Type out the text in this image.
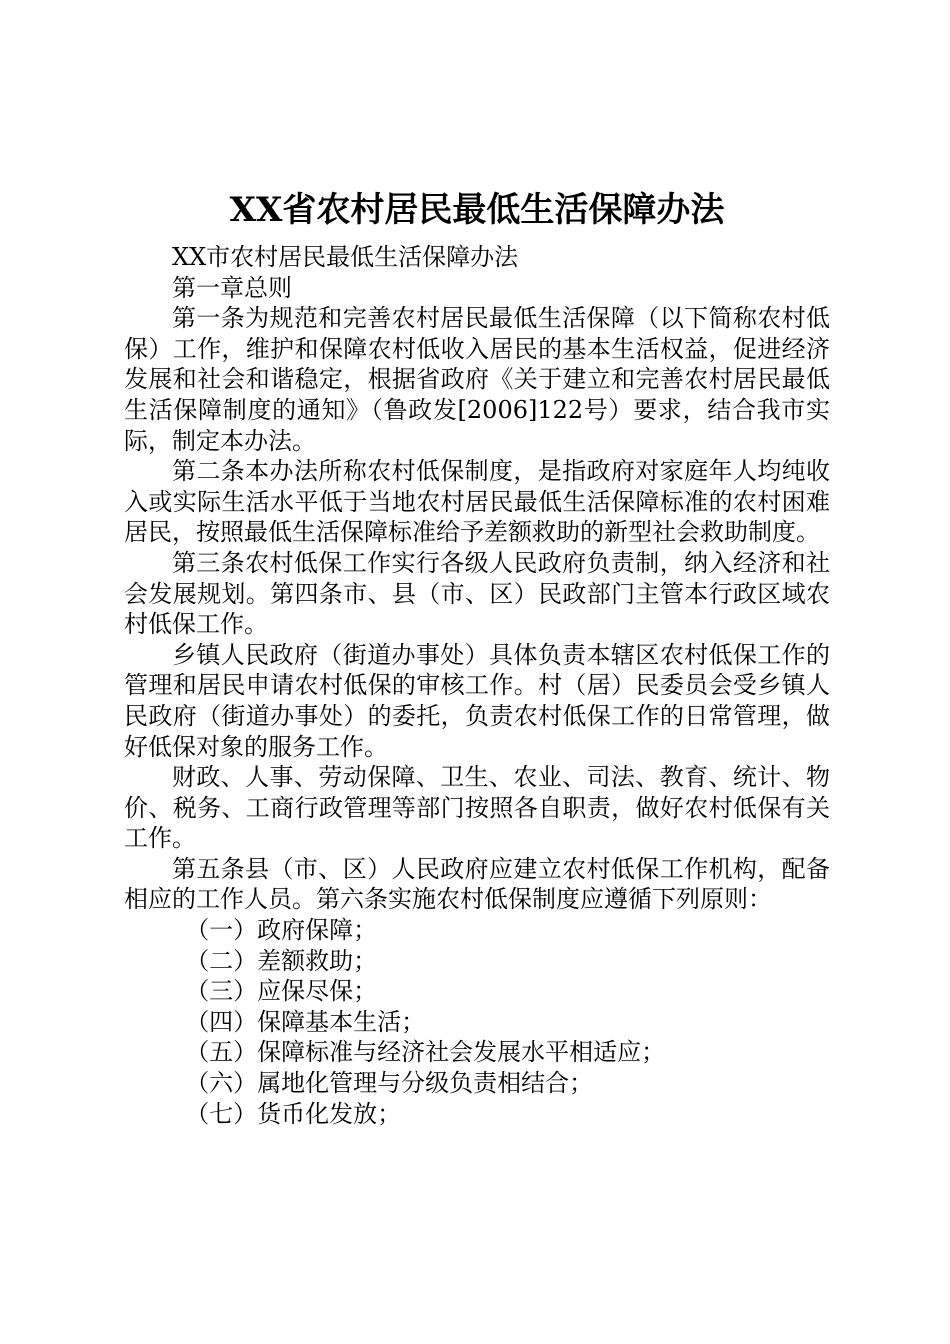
XX省农村居民最低生活保障办法

XX市农村居民最低生活保障办法

第一章总则

第一条为规范和完善农村居民最低生活保障（以下简称农村低保）工作，维护和保障农村低收入居民的基本生活权益，促进经济发展和社会和谐稳定，根据省政府《关于建立和完善农村居民最低生活保障制度的通知》（鲁政发[2006]122号）要求，结合我市实际，制定本办法。

第二条本办法所称农村低保制度，是指政府对家庭年人均纯收入或实际生活水平低于当地农村居民最低生活保障标准的农村困难居民，按照最低生活保障标准给予差额救助的新型社会救助制度。

第三条农村低保工作实行各级人民政府负责制，纳入经济和社会发展规划。第四条市、县（市、区）民政部门主管本行政区域农村低保工作。

乡镇人民政府（街道办事处）具体负责本辖区农村低保工作的管理和居民申请农村低保的审核工作。村（居）民委员会受乡镇人民政府（街道办事处）的委托，负责农村低保工作的日常管理，做好低保对象的服务工作。

财政、人事、劳动保障、卫生、农业、司法、教育、统计、物价、税务、工商行政管理等部门按照各自职责，做好农村低保有关工作。

第五条县（市、区）人民政府应建立农村低保工作机构，配备相应的工作人员。第六条实施农村低保制度应遵循下列原则：

（一）政府保障；

（二）差额救助；

（三）应保尽保；

（四）保障基本生活；

（五）保障标准与经济社会发展水平相适应；

（六）属地化管理与分级负责相结合；

（七）货币化发放；
